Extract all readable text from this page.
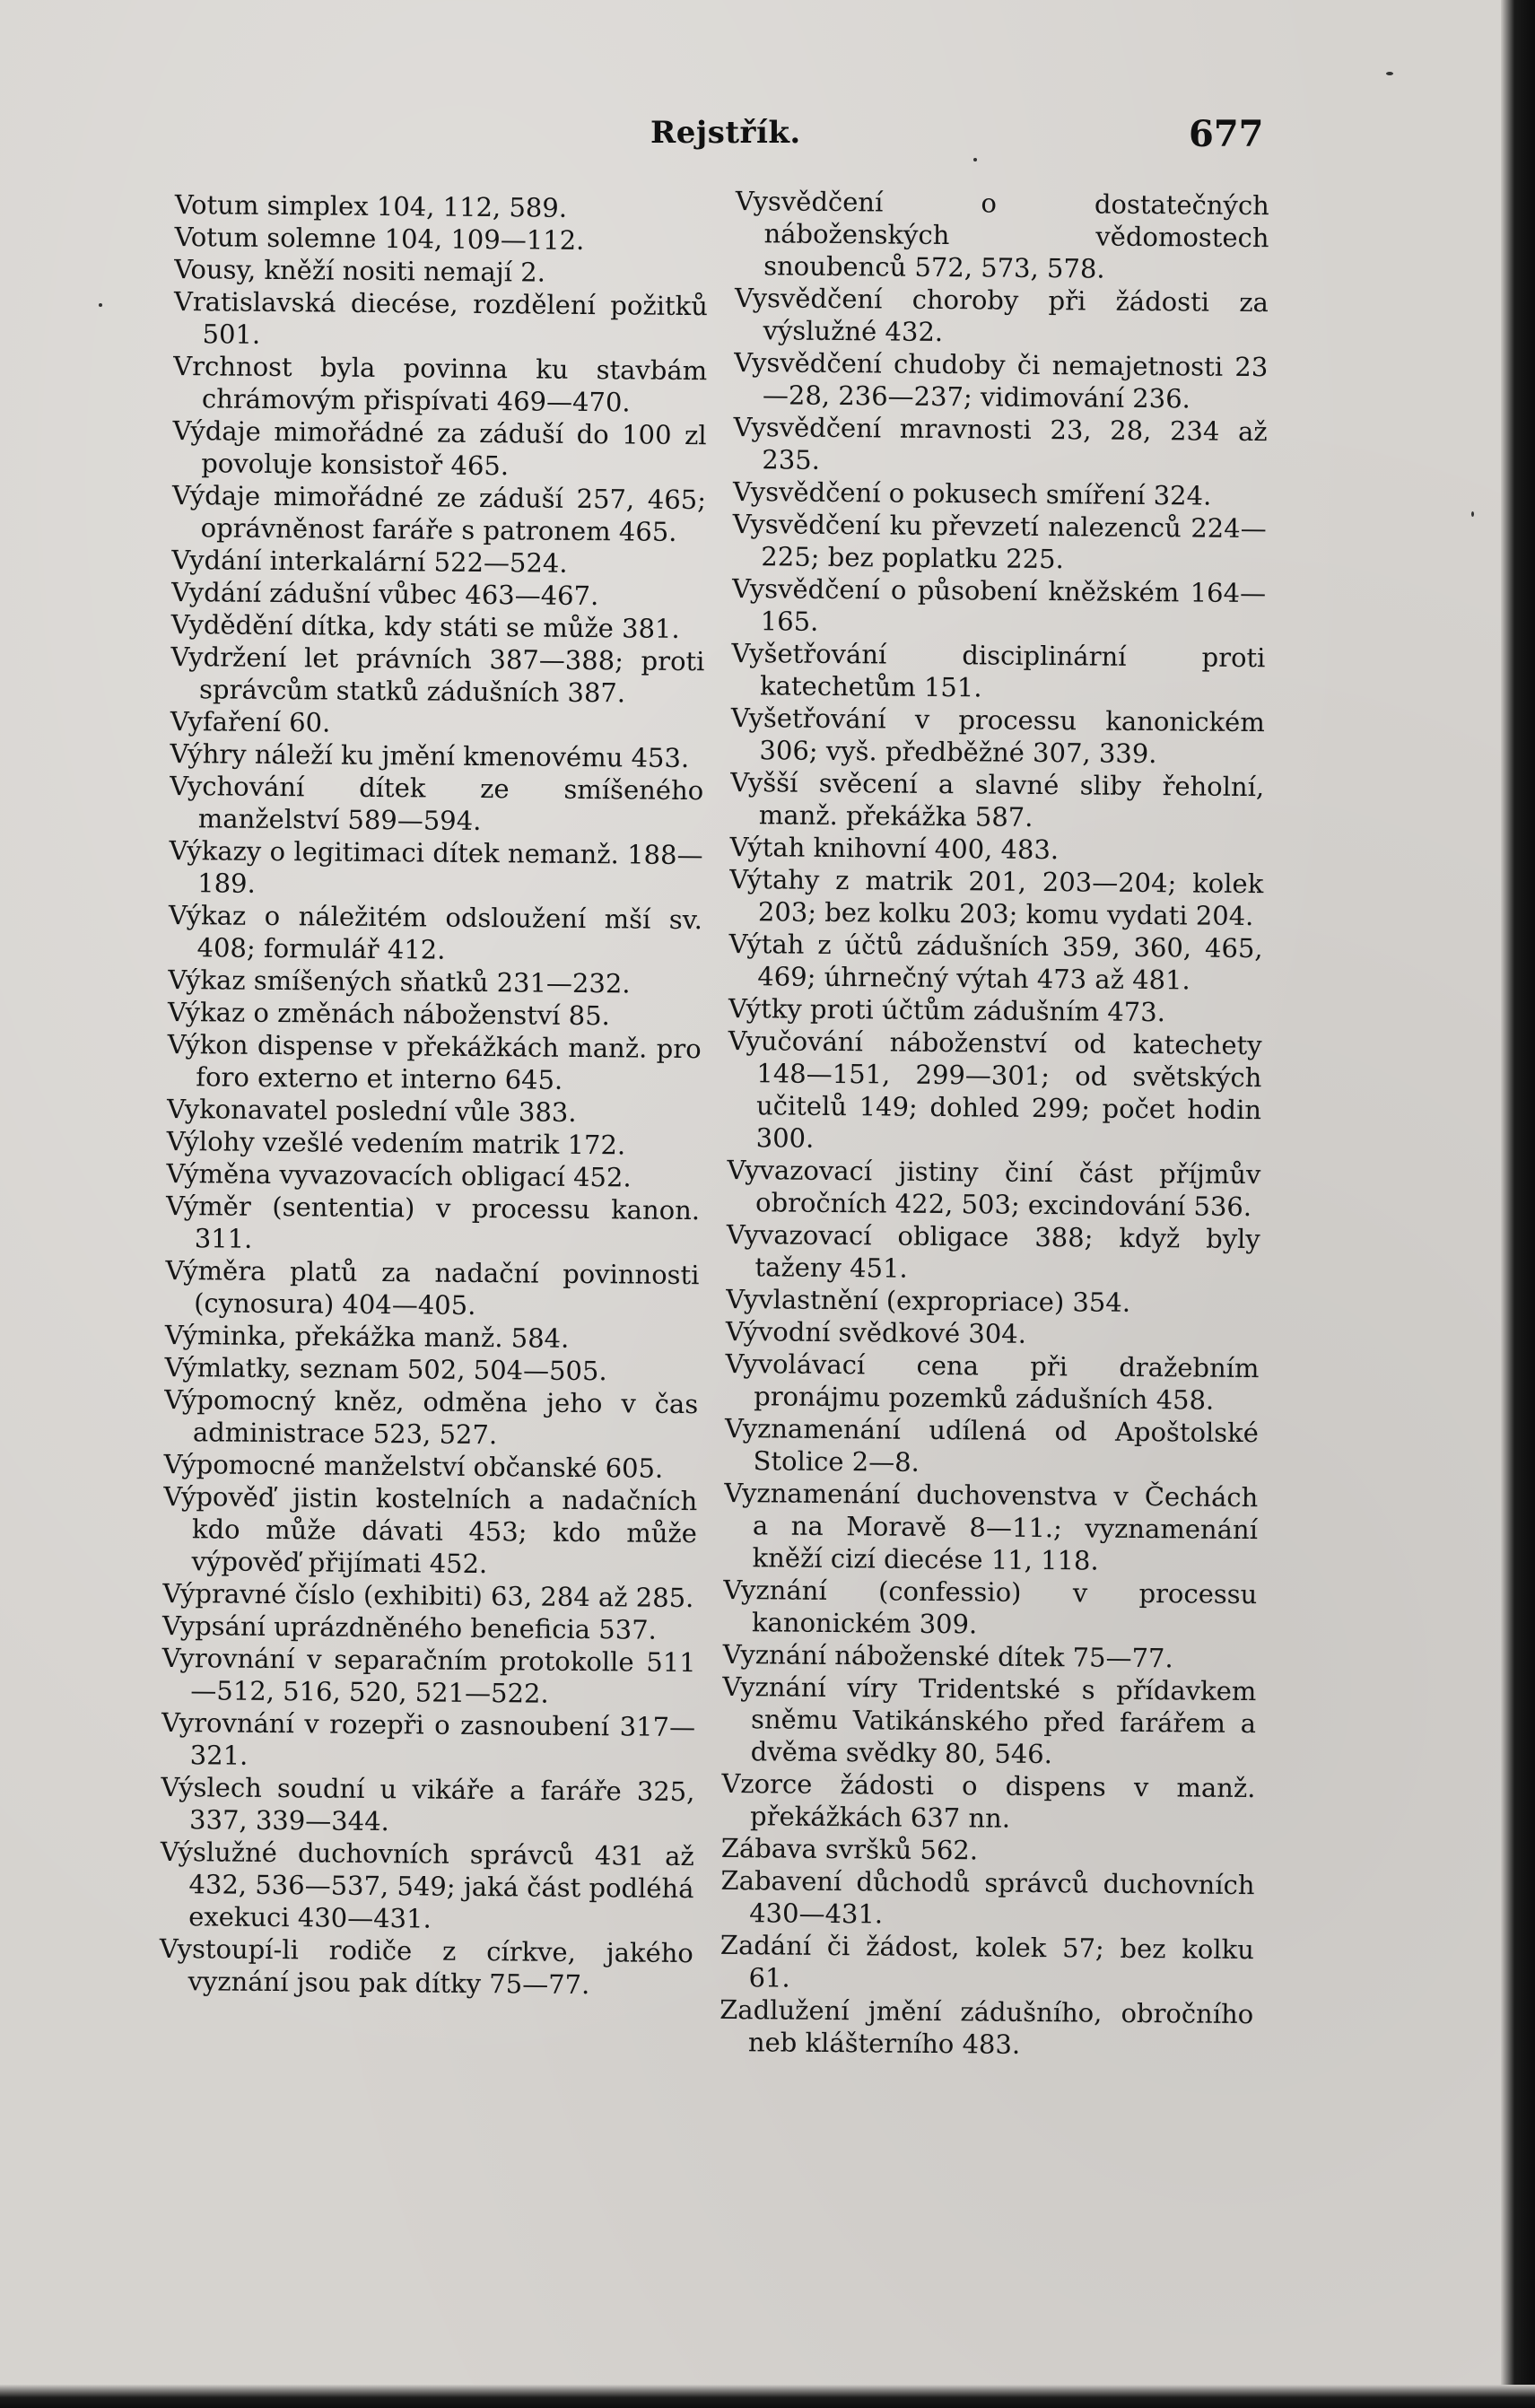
Rejstřík.	677

Votum simplex 104, 112, 589.

Votum solemne 104, 109—112.

Vousy, kněží nositi nemají 2.

Vratislavská diecése, rozdělení požitků 501.

Vrchnost byla povinna ku stavbám chrámovým přispívati 469—470.

Výdaje mimořádné za záduší do 100 zl povoluje konsistoř 465.

Výdaje mimořádné ze záduší 257, 465; oprávněnost faráře s patronem 465.

Vydání interkalární 522—524.

Vydání zádušní vůbec 463—467.

Vydědění dítka, kdy státi se může 381.

Vydržení let právních 387—388; proti správcům statků zádušních 387.

Vyfaření 60.

Výhry náleží ku jmění kmenovému 453.

Vychování dítek ze smíšeného manželství 589—594.

Výkazy o legitimaci dítek nemanž. 188—189.

Výkaz o náležitém odsloužení mší sv. 408; formulář 412.

Výkaz smíšených sňatků 231—232.

Výkaz o změnách náboženství 85.

Výkon dispense v překážkách manž. pro foro externo et interno 645.

Vykonavatel poslední vůle 383.

Výlohy vzešlé vedením matrik 172.

Výměna vyvazovacích obligací 452.

Výměr (sententia) v processu kanon. 311.

Výměra platů za nadační povinnosti (cynosura) 404—405.

Výminka, překážka manž. 584.

Výmlatky, seznam 502, 504—505.

Výpomocný kněz, odměna jeho v čas administrace 523, 527.

Výpomocné manželství občanské 605.

Výpověď jistin kostelních a nadačních kdo může dávati 453; kdo může výpověď přijímati 452.

Výpravné číslo (exhibiti) 63, 284 až 285.

Vypsání uprázdněného beneficia 537.

Vyrovnání v separačním protokolle 511—512, 516, 520, 521—522.

Vyrovnání v rozepři o zasnoubení 317—321.

Výslech soudní u vikáře a faráře 325, 337, 339—344.

Výslužné duchovních správců 431 až 432, 536—537, 549; jaká část podléhá exekuci 430—431.

Vystoupí-li rodiče z církve, jakého vyznání jsou pak dítky 75—77.

Vysvědčení o dostatečných náboženských vědomostech snoubenců 572, 573, 578.

Vysvědčení choroby při žádosti za výslužné 432.

Vysvědčení chudoby či nemajetnosti 23—28, 236—237; vidimování 236.

Vysvědčení mravnosti 23, 28, 234 až 235.

Vysvědčení o pokusech smíření 324.

Vysvědčení ku převzetí nalezenců 224—225; bez poplatku 225.

Vysvědčení o působení kněžském 164—165.

Vyšetřování disciplinární proti katechetům 151.

Vyšetřování v processu kanonickém 306; vyš. předběžné 307, 339.

Vyšší svěcení a slavné sliby řeholní, manž. překážka 587.

Výtah knihovní 400, 483.

Výtahy z matrik 201, 203—204; kolek 203; bez kolku 203; komu vydati 204.

Výtah z účtů zádušních 359, 360, 465, 469; úhrnečný výtah 473 až 481.

Výtky proti účtům zádušním 473.

Vyučování náboženství od katechety 148—151, 299—301; od světských učitelů 149; dohled 299; počet hodin 300.

Vyvazovací jistiny činí část příjmův obročních 422, 503; excindování 536.

Vyvazovací obligace 388; když byly taženy 451.

Vyvlastnění (expropriace) 354.

Vývodní svědkové 304.

Vyvolávací cena při dražebním pronájmu pozemků zádušních 458.

Vyznamenání udílená od Apoštolské Stolice 2—8.

Vyznamenání duchovenstva v Čechách a na Moravě 8—11.; vyznamenání kněží cizí diecése 11, 118.

Vyznání (confessio) v processu kanonickém 309.

Vyznání náboženské dítek 75—77.

Vyznání víry Tridentské s přídavkem sněmu Vatikánského před farářem a dvěma svědky 80, 546.

Vzorce žádosti o dispens v manž. překážkách 637 nn.

Zábava svršků 562.

Zabavení důchodů správců duchovních 430—431.

Zadání či žádost, kolek 57; bez kolku 61.

Zadlužení jmění zádušního, obročního neb klášterního 483.
